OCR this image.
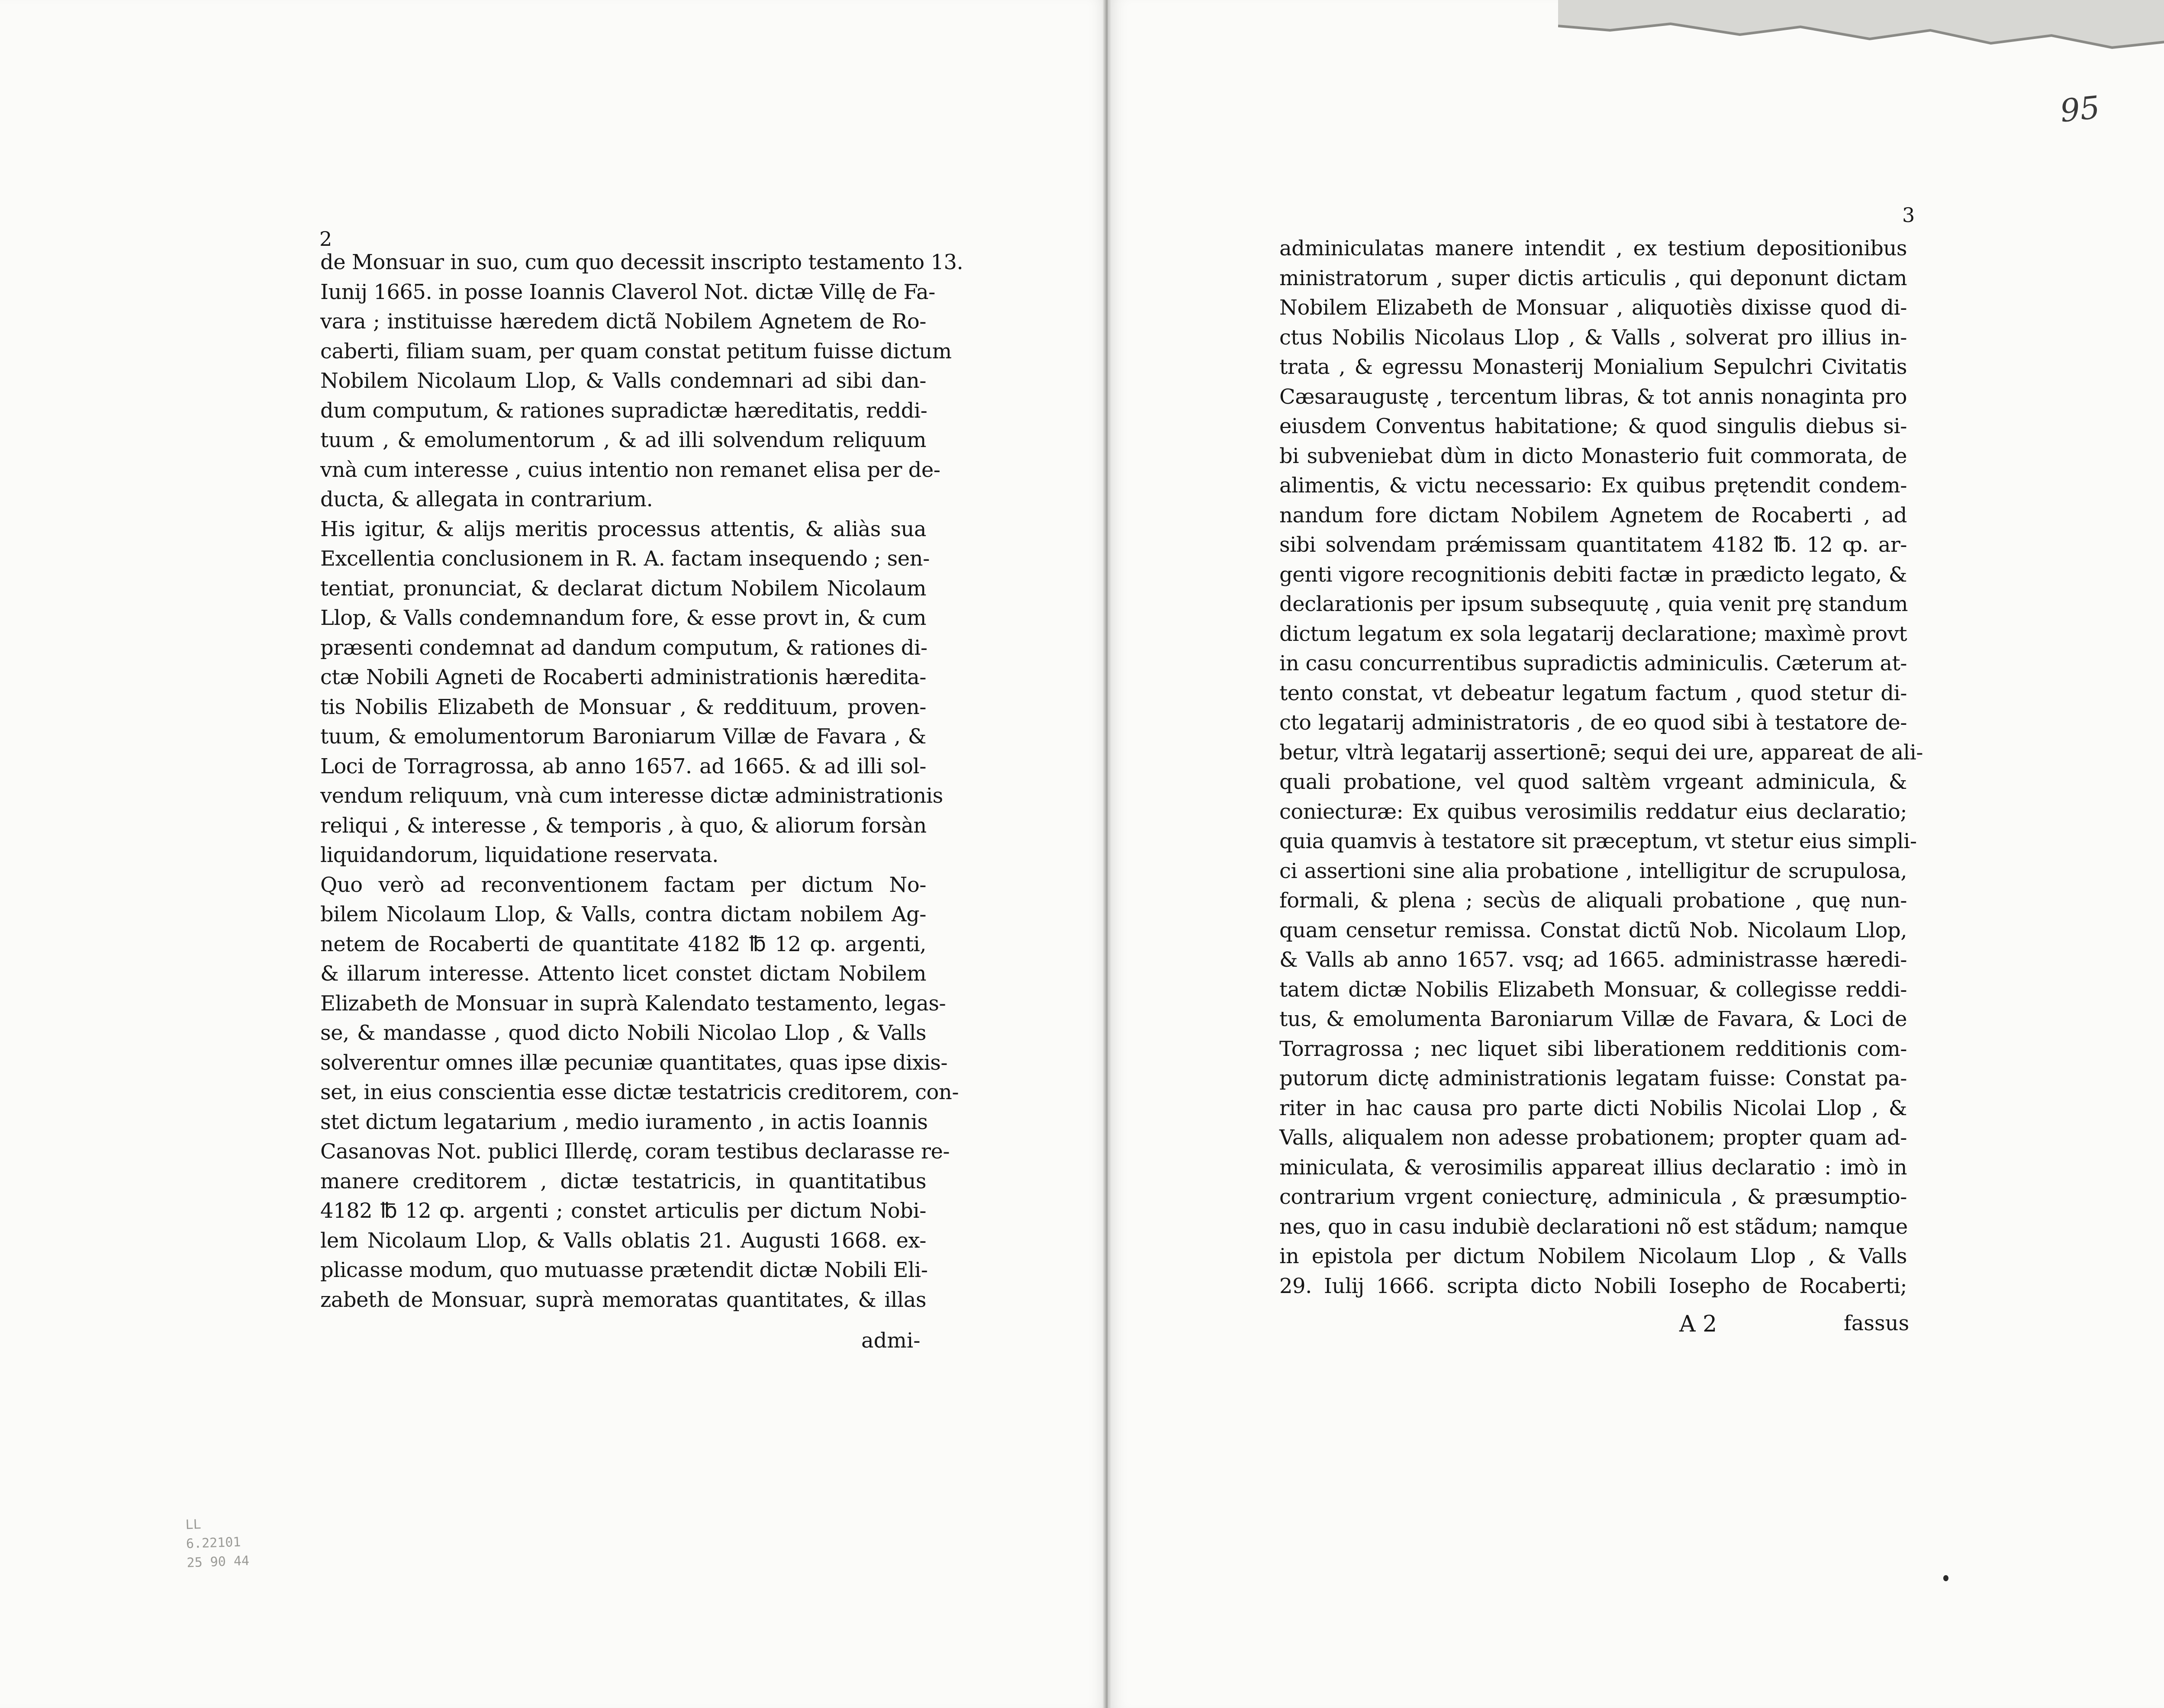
2
de Monsuar in suo, cum quo decessit inscripto testamento 13.
Iunij 1665. in posse Ioannis Claverol Not. dictæ Villę de Fa-
vara ; instituisse hæredem dictã Nobilem Agnetem de Ro-
caberti, filiam suam, per quam constat petitum fuisse dictum
Nobilem Nicolaum Llop, & Valls condemnari ad sibi dan-
dum computum, & rationes supradictæ hæreditatis, reddi-
tuum , & emolumentorum , & ad illi solvendum reliquum
vnà cum interesse , cuius intentio non remanet elisa per de-
ducta, & allegata in contrarium.
His igitur, & alijs meritis processus attentis, & aliàs sua
Excellentia conclusionem in R. A. factam insequendo ; sen-
tentiat, pronunciat, & declarat dictum Nobilem Nicolaum
Llop, & Valls condemnandum fore, & esse provt in, & cum
præsenti condemnat ad dandum computum, & rationes di-
ctæ Nobili Agneti de Rocaberti administrationis hæredita-
tis Nobilis Elizabeth de Monsuar , & reddituum, proven-
tuum, & emolumentorum Baroniarum Villæ de Favara , &
Loci de Torragrossa, ab anno 1657. ad 1665. & ad illi sol-
vendum reliquum, vnà cum interesse dictæ administrationis
reliqui , & interesse , & temporis , à quo, & aliorum forsàn
liquidandorum, liquidatione reservata.
Quo verò ad reconventionem factam per dictum No-
bilem Nicolaum Llop, & Valls, contra dictam nobilem Ag-
netem de Rocaberti de quantitate 4182 ℔ 12 ȹ. argenti,
& illarum interesse. Attento licet constet dictam Nobilem
Elizabeth de Monsuar in suprà Kalendato testamento, legas-
se, & mandasse , quod dicto Nobili Nicolao Llop , & Valls
solverentur omnes illæ pecuniæ quantitates, quas ipse dixis-
set, in eius conscientia esse dictæ testatricis creditorem, con-
stet dictum legatarium , medio iuramento , in actis Ioannis
Casanovas Not. publici Illerdę, coram testibus declarasse re-
manere creditorem , dictæ testatricis, in quantitatibus
4182 ℔ 12 ȹ. argenti ; constet articulis per dictum Nobi-
lem Nicolaum Llop, & Valls oblatis 21. Augusti 1668. ex-
plicasse modum, quo mutuasse prætendit dictæ Nobili Eli-
zabeth de Monsuar, suprà memoratas quantitates, & illas
admi-
LL
6.22101
25 90 44
3
95
adminiculatas manere intendit , ex testium depositionibus
ministratorum , super dictis articulis , qui deponunt dictam
Nobilem Elizabeth de Monsuar , aliquotiès dixisse quod di-
ctus Nobilis Nicolaus Llop , & Valls , solverat pro illius in-
trata , & egressu Monasterij Monialium Sepulchri Civitatis
Cæsaraugustę , tercentum libras, & tot annis nonaginta pro
eiusdem Conventus habitatione; & quod singulis diebus si-
bi subveniebat dùm in dicto Monasterio fuit commorata, de
alimentis, & victu necessario: Ex quibus prętendit condem-
nandum fore dictam Nobilem Agnetem de Rocaberti , ad
sibi solvendam prǽmissam quantitatem 4182 ℔. 12 ȹ. ar-
genti vigore recognitionis debiti factæ in prædicto legato, &
declarationis per ipsum subsequutę , quia venit prę standum
dictum legatum ex sola legatarij declaratione; maxìmè provt
in casu concurrentibus supradictis adminiculis. Cæterum at-
tento constat, vt debeatur legatum factum , quod stetur di-
cto legatarij administratoris , de eo quod sibi à testatore de-
betur, vltrà legatarij assertionē; sequi dei ure, appareat de ali-
quali probatione, vel quod saltèm vrgeant adminicula, &
coniecturæ: Ex quibus verosimilis reddatur eius declaratio;
quia quamvis à testatore sit præceptum, vt stetur eius simpli-
ci assertioni sine alia probatione , intelligitur de scrupulosa,
formali, & plena ; secùs de aliquali probatione , quę nun-
quam censetur remissa. Constat dictũ Nob. Nicolaum Llop,
& Valls ab anno 1657. vsq; ad 1665. administrasse hæredi-
tatem dictæ Nobilis Elizabeth Monsuar, & collegisse reddi-
tus, & emolumenta Baroniarum Villæ de Favara, & Loci de
Torragrossa ; nec liquet sibi liberationem redditionis com-
putorum dictę administrationis legatam fuisse: Constat pa-
riter in hac causa pro parte dicti Nobilis Nicolai Llop , &
Valls, aliqualem non adesse probationem; propter quam ad-
miniculata, & verosimilis appareat illius declaratio : imò in
contrarium vrgent coniecturę, adminicula , & præsumptio-
nes, quo in casu indubiè declarationi nõ est stãdum; namque
in epistola per dictum Nobilem Nicolaum Llop , & Valls
29. Iulij 1666. scripta dicto Nobili Iosepho de Rocaberti;
A 2	fassus
